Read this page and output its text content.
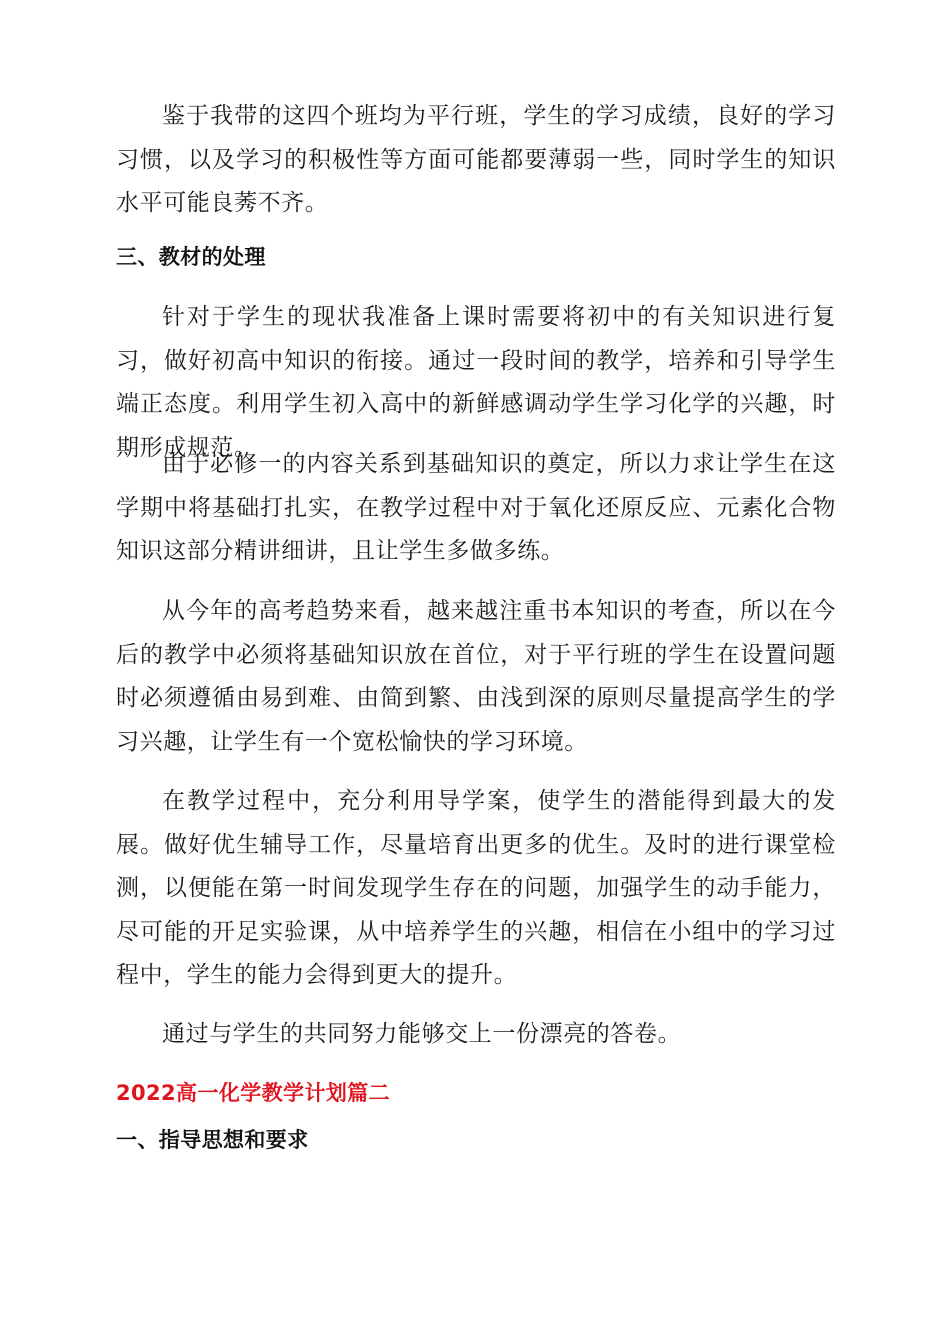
鉴于我带的这四个班均为平行班，学生的学习成绩，良好的学习习惯，以及学习的积极性等方面可能都要薄弱一些，同时学生的知识水平可能良莠不齐。

三、教材的处理

针对于学生的现状我准备上课时需要将初中的有关知识进行复习，做好初高中知识的衔接。通过一段时间的教学，培养和引导学生端正态度。利用学生初入高中的新鲜感调动学生学习化学的兴趣，时期形成规范。

由于必修一的内容关系到基础知识的奠定，所以力求让学生在这学期中将基础打扎实，在教学过程中对于氧化还原反应、元素化合物知识这部分精讲细讲，且让学生多做多练。

从今年的高考趋势来看，越来越注重书本知识的考查，所以在今后的教学中必须将基础知识放在首位，对于平行班的学生在设置问题时必须遵循由易到难、由简到繁、由浅到深的原则尽量提高学生的学习兴趣，让学生有一个宽松愉快的学习环境。

在教学过程中，充分利用导学案，使学生的潜能得到最大的发展。做好优生辅导工作，尽量培育出更多的优生。及时的进行课堂检测，以便能在第一时间发现学生存在的问题，加强学生的动手能力，尽可能的开足实验课，从中培养学生的兴趣，相信在小组中的学习过程中，学生的能力会得到更大的提升。

通过与学生的共同努力能够交上一份漂亮的答卷。

2022高一化学教学计划篇二
一、指导思想和要求
